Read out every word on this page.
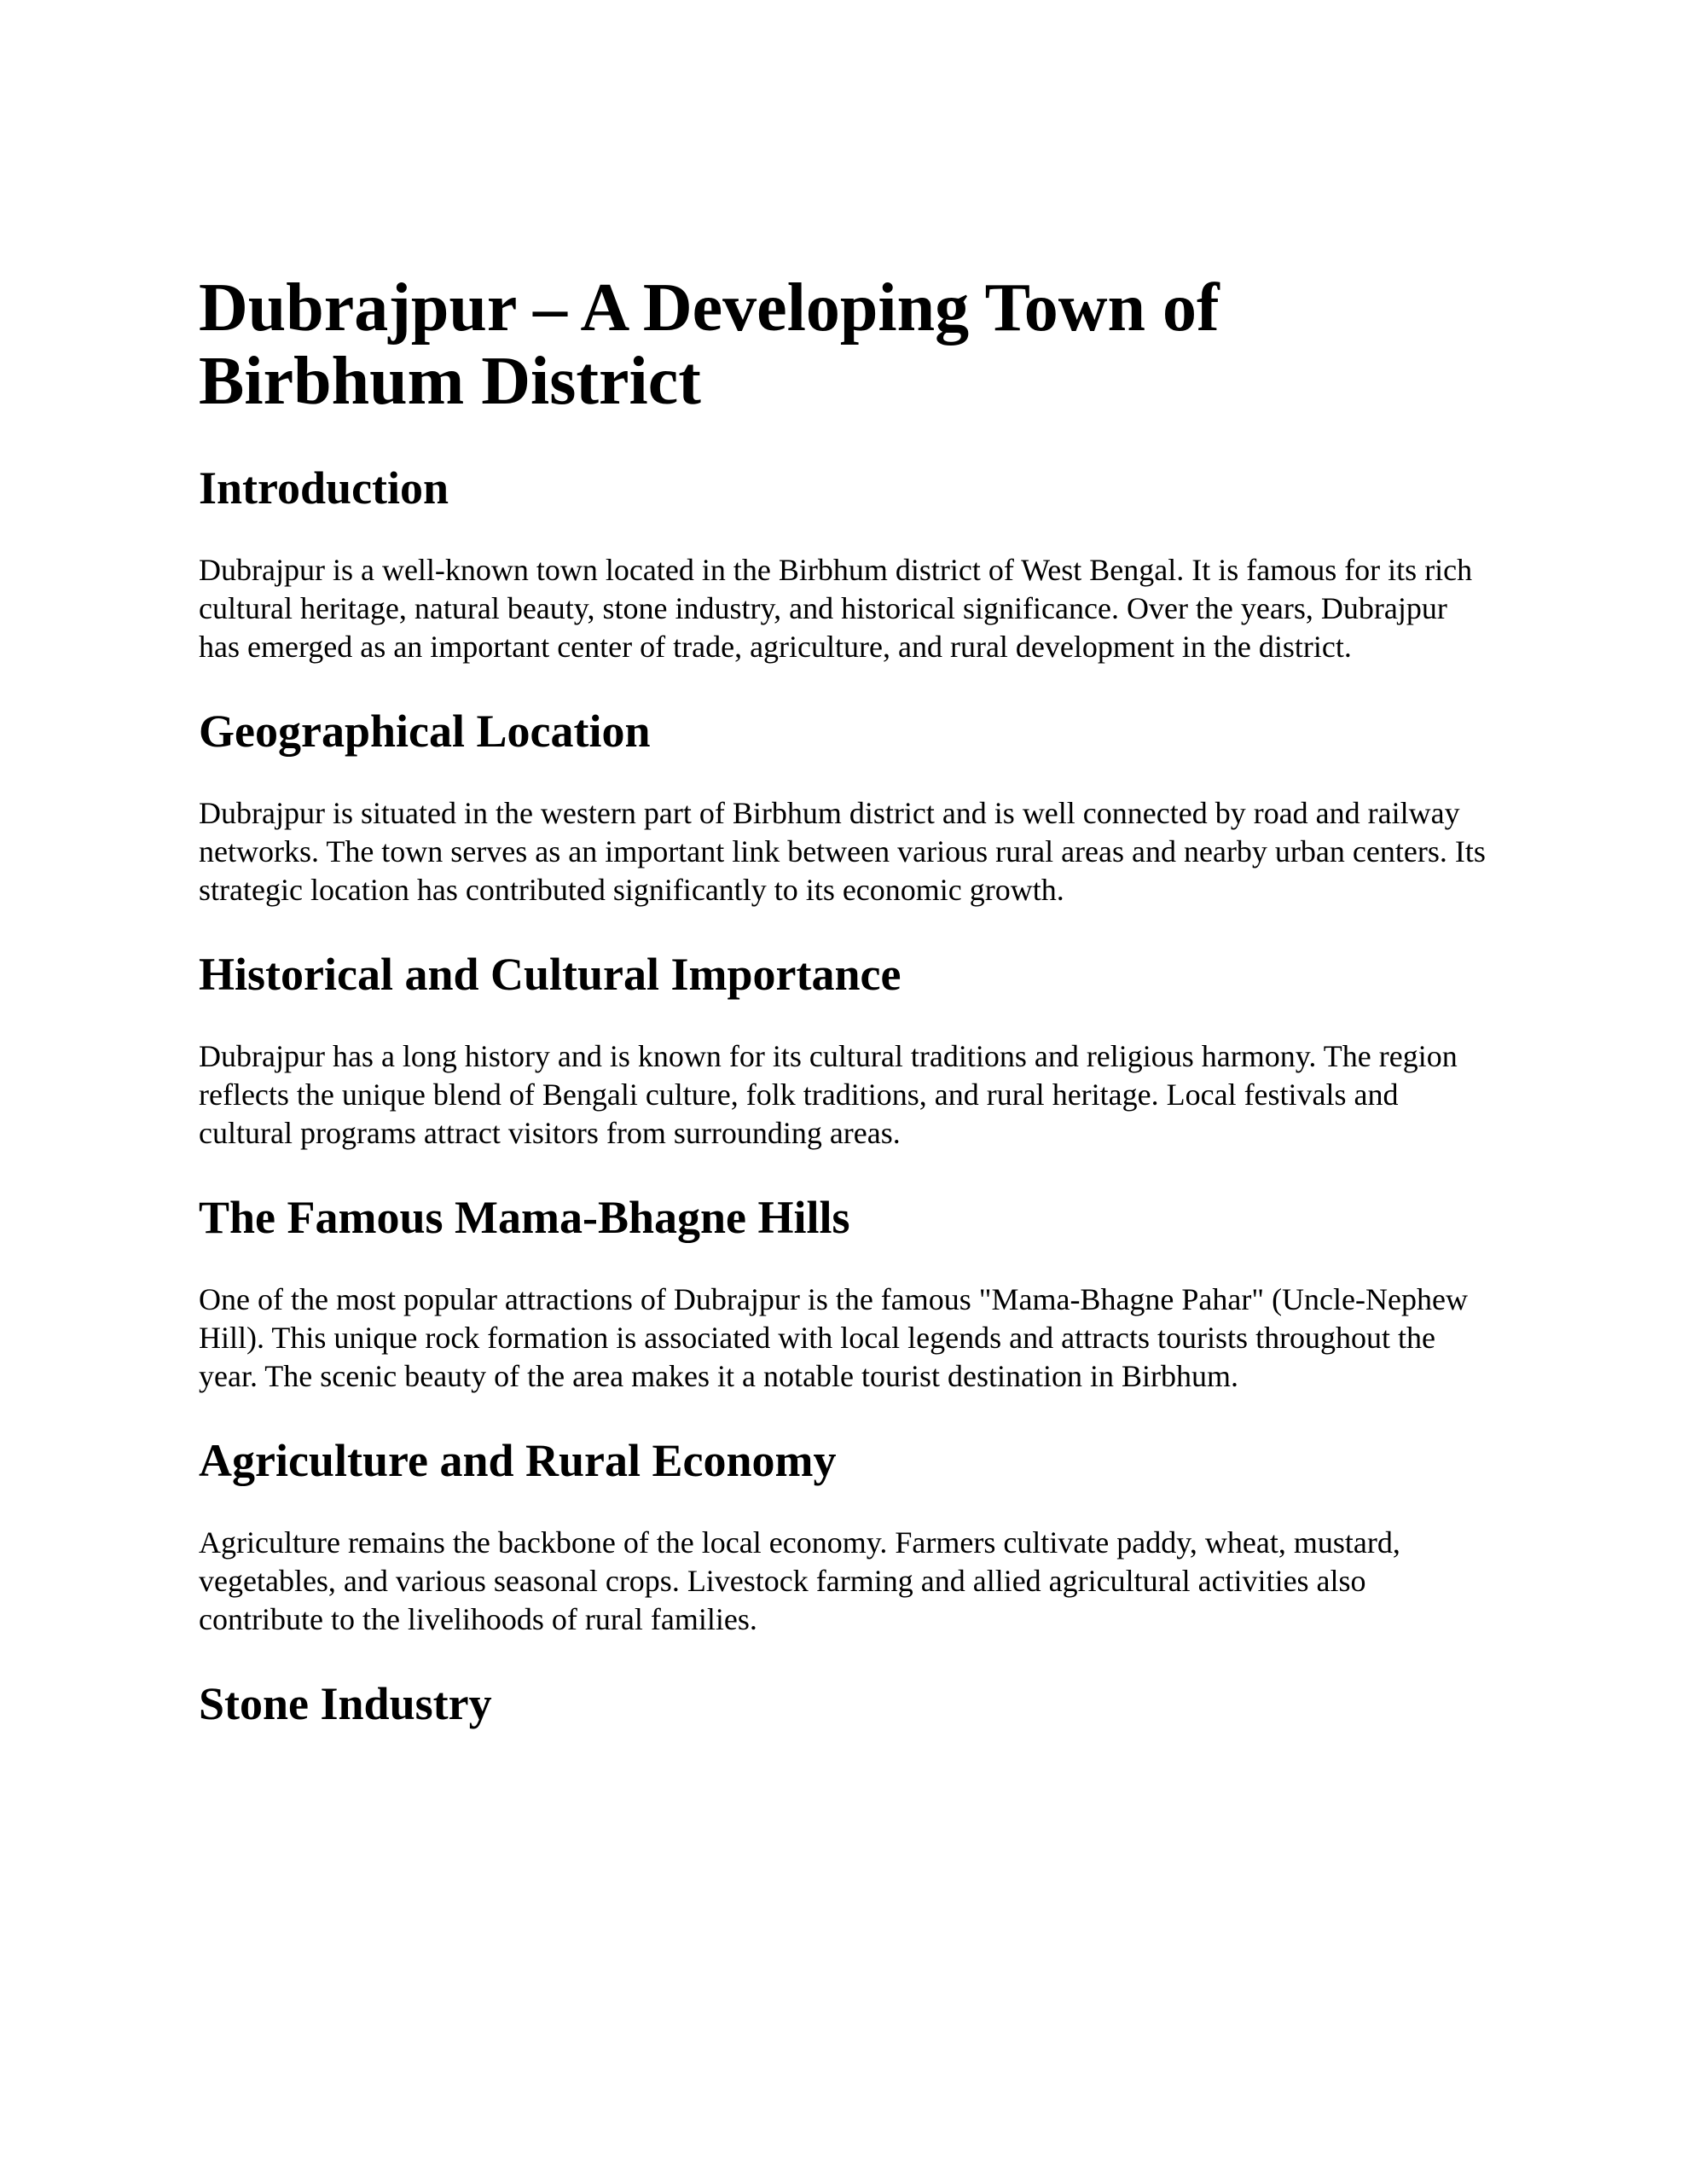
Dubrajpur – A Developing Town of Birbhum District
Introduction

Dubrajpur is a well-known town located in the Birbhum district of West Bengal. It is famous for its rich cultural heritage, natural beauty, stone industry, and historical significance. Over the years, Dubrajpur has emerged as an important center of trade, agriculture, and rural development in the district.

Geographical Location

Dubrajpur is situated in the western part of Birbhum district and is well connected by road and railway networks. The town serves as an important link between various rural areas and nearby urban centers. Its strategic location has contributed significantly to its economic growth.

Historical and Cultural Importance

Dubrajpur has a long history and is known for its cultural traditions and religious harmony. The region reflects the unique blend of Bengali culture, folk traditions, and rural heritage. Local festivals and cultural programs attract visitors from surrounding areas.

The Famous Mama-Bhagne Hills

One of the most popular attractions of Dubrajpur is the famous "Mama-Bhagne Pahar" (Uncle-Nephew Hill). This unique rock formation is associated with local legends and attracts tourists throughout the year. The scenic beauty of the area makes it a notable tourist destination in Birbhum.

Agriculture and Rural Economy

Agriculture remains the backbone of the local economy. Farmers cultivate paddy, wheat, mustard, vegetables, and various seasonal crops. Livestock farming and allied agricultural activities also contribute to the livelihoods of rural families.

Stone Industry
